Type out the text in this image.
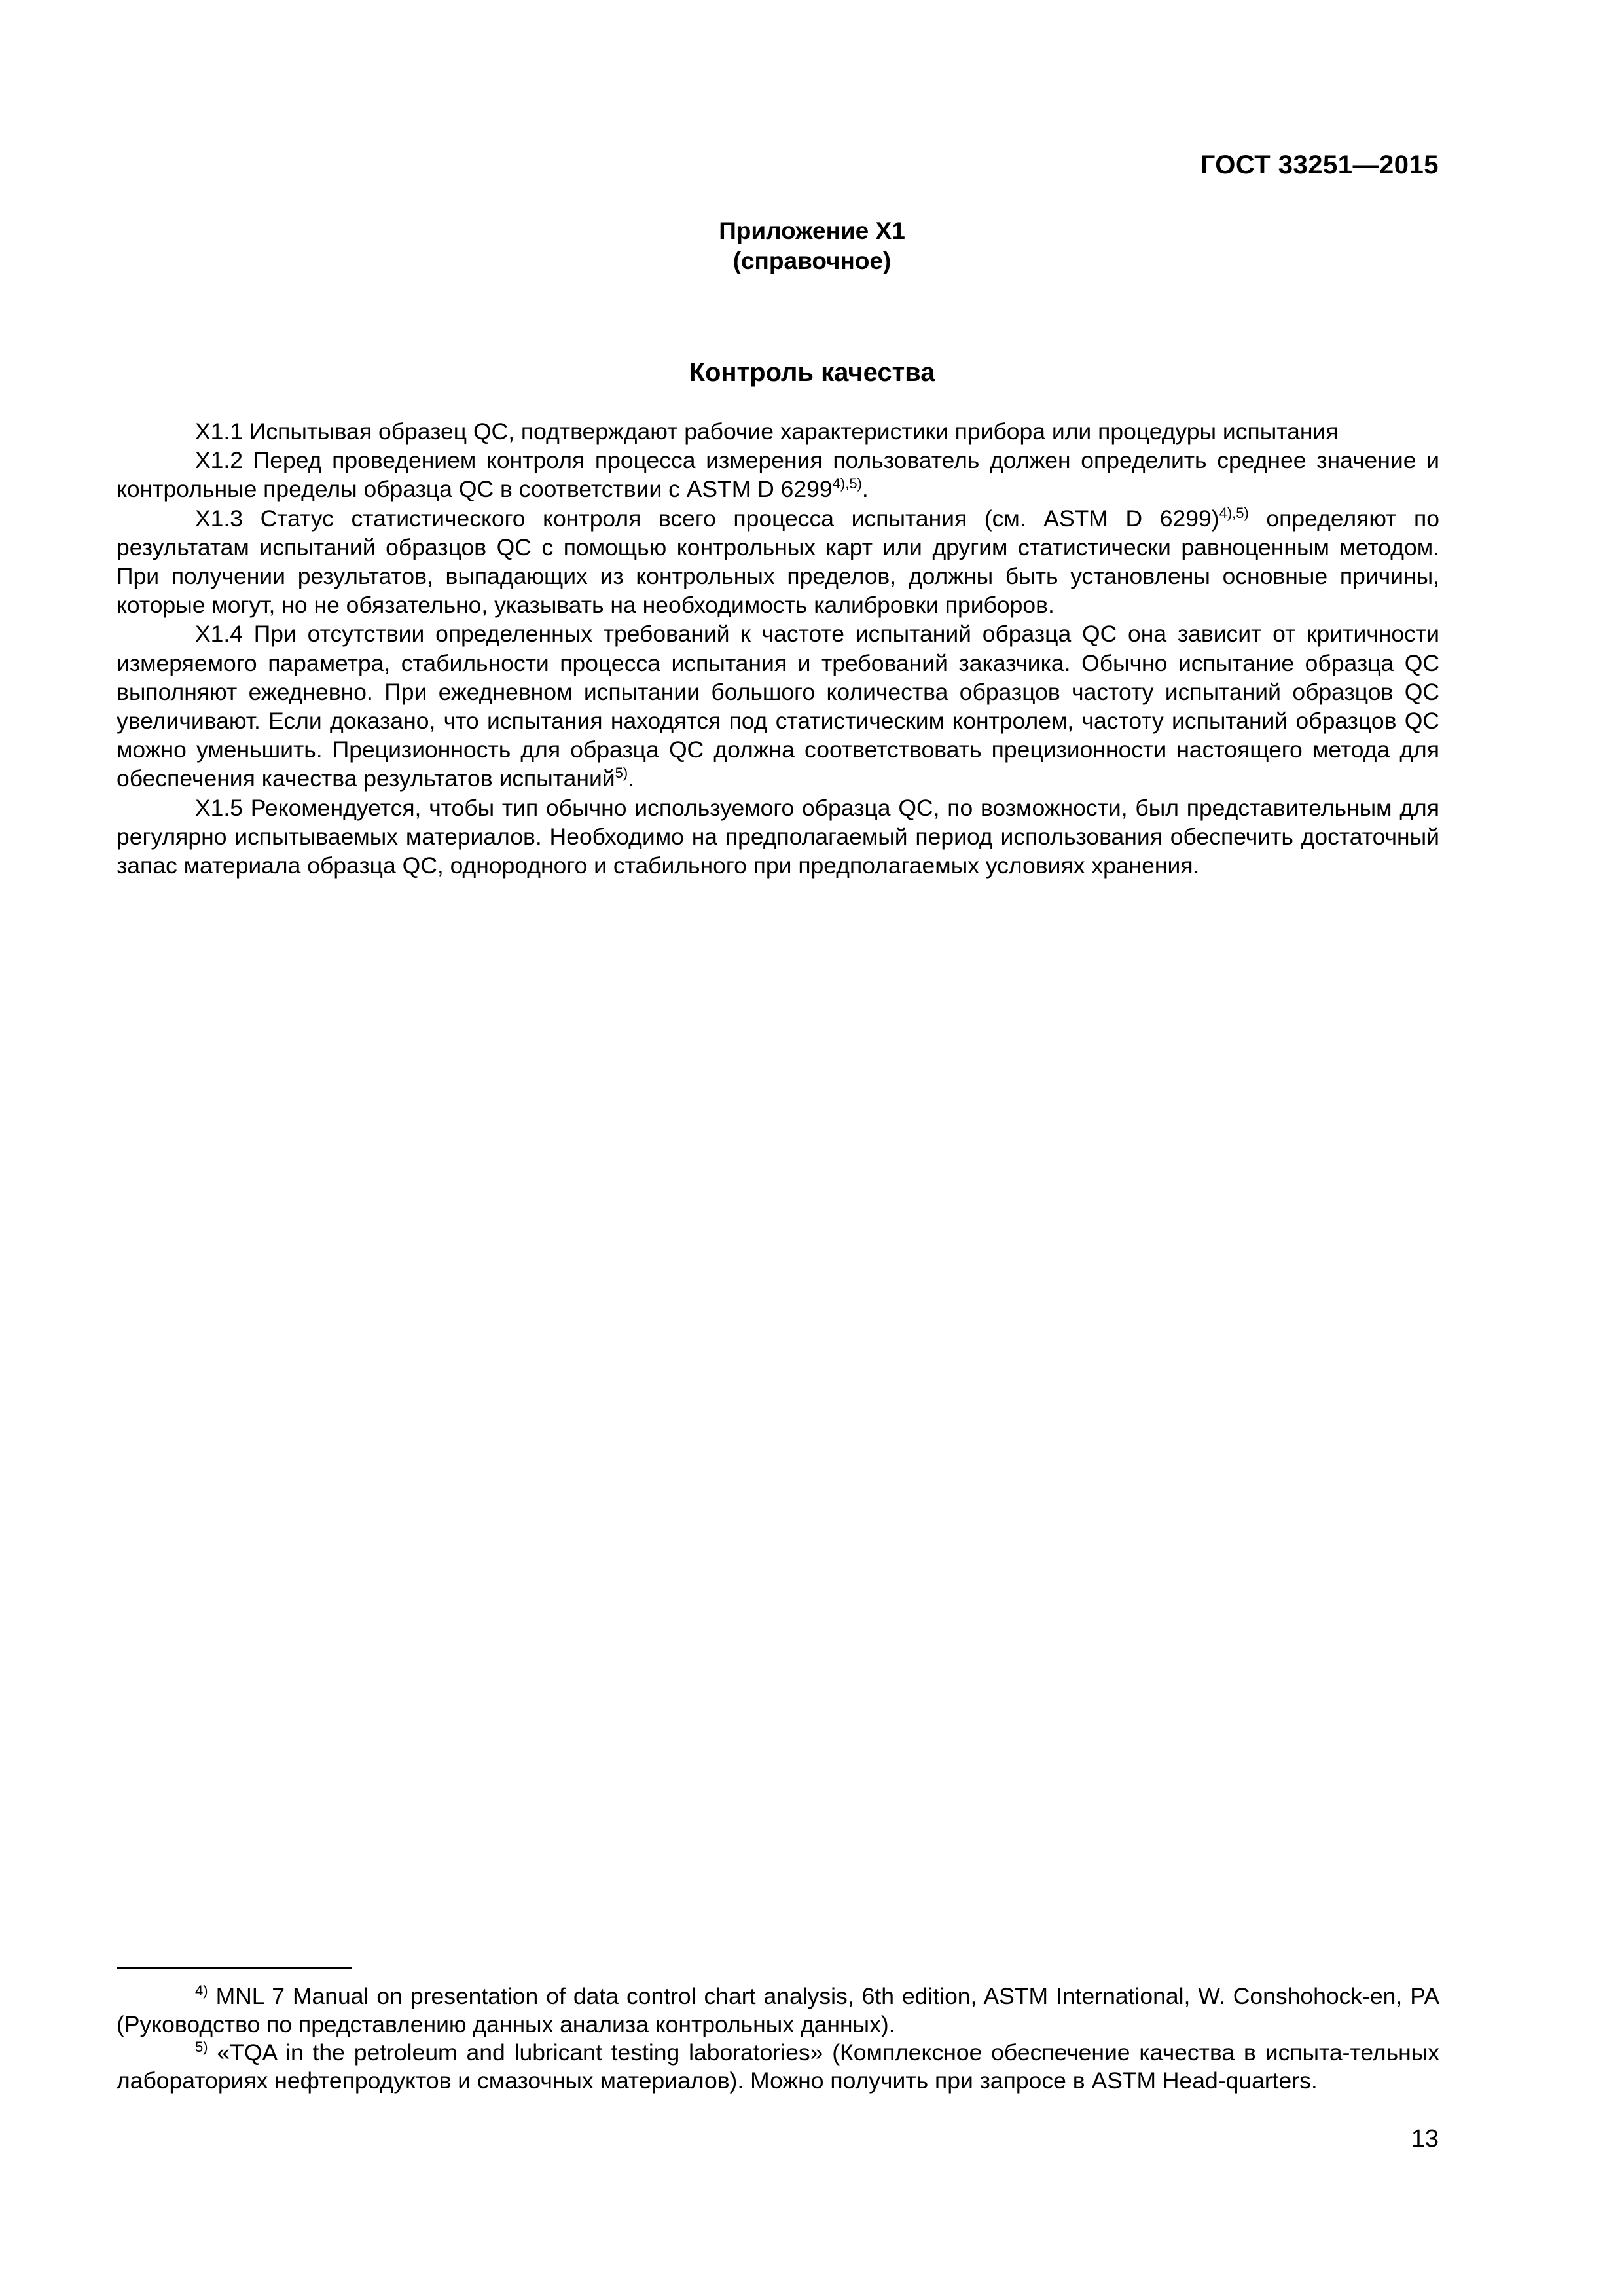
ГОСТ 33251—2015
Приложение Х1
(справочное)
Контроль качества

Х1.1 Испытывая образец QC, подтверждают рабочие характеристики прибора или процедуры испытания

Х1.2 Перед проведением контроля процесса измерения пользователь должен определить среднее значение и контрольные пределы образца QC в соответствии с ASTM D $6299^{4),5)}$.

Х1.3 Статус статистического контроля всего процесса испытания (см. ASTM D 6299)$^{4),5)}$ определяют по результатам испытаний образцов QC с помощью контрольных карт или другим статистически равноценным методом. При получении результатов, выпадающих из контрольных пределов, должны быть установлены основные причины, которые могут, но не обязательно, указывать на необходимость калибровки приборов.

Х1.4 При отсутствии определенных требований к частоте испытаний образца QC она зависит от критичности измеряемого параметра, стабильности процесса испытания и требований заказчика. Обычно испытание образца QC выполняют ежедневно. При ежедневном испытании большого количества образцов частоту испытаний образцов QC увеличивают. Если доказано, что испытания находятся под статистическим контролем, частоту испытаний образцов QC можно уменьшить. Прецизионность для образца QC должна соответствовать прецизионности настоящего метода для обеспечения качества результатов испытаний$^{5)}$.

Х1.5 Рекомендуется, чтобы тип обычно используемого образца QC, по возможности, был представительным для регулярно испытываемых материалов. Необходимо на предполагаемый период использования обеспечить достаточный запас материала образца QC, однородного и стабильного при предполагаемых условиях хранения.

$^{4)}$ MNL 7 Manual on presentation of data control chart analysis, 6th edition, ASTM International, W. Conshohock-en, PA (Руководство по представлению данных анализа контрольных данных).

$^{5)}$ «TQA in the petroleum and lubricant testing laboratories» (Комплексное обеспечение качества в испыта-тельных лабораториях нефтепродуктов и смазочных материалов). Можно получить при запросе в ASTM Head-quarters.

13
